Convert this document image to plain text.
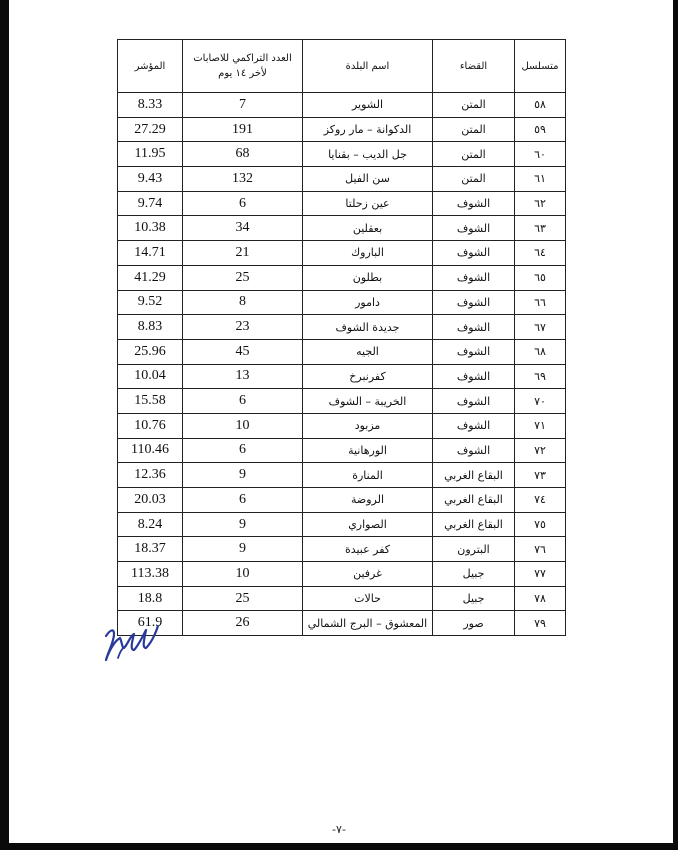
متسلسل	القضاء	اسم البلدة	العدد التراكمي للاصابات لأخر ١٤ يوم	المؤشر
٥٨	المتن	الشوير	7	8.33
٥٩	المتن	الدكوانة – مار روكز	191	27.29
٦٠	المتن	جل الديب – بقنايا	68	11.95
٦١	المتن	سن الفيل	132	9.43
٦٢	الشوف	عين زحلتا	6	9.74
٦٣	الشوف	بعقلين	34	10.38
٦٤	الشوف	الباروك	21	14.71
٦٥	الشوف	بطلون	25	41.29
٦٦	الشوف	دامور	8	9.52
٦٧	الشوف	جديدة الشوف	23	8.83
٦٨	الشوف	الجيه	45	25.96
٦٩	الشوف	كفرنبرخ	13	10.04
٧٠	الشوف	الخريبة – الشوف	6	15.58
٧١	الشوف	مزبود	10	10.76
٧٢	الشوف	الورهانية	6	110.46
٧٣	البقاع الغربي	المنارة	9	12.36
٧٤	البقاع الغربي	الروضة	6	20.03
٧٥	البقاع الغربي	الصواري	9	8.24
٧٦	البترون	كفر عبيدة	9	18.37
٧٧	جبيل	غرفين	10	113.38
٧٨	جبيل	حالات	25	18.8
٧٩	صور	المعشوق – البرج الشمالي	26	61.9
-٧-
